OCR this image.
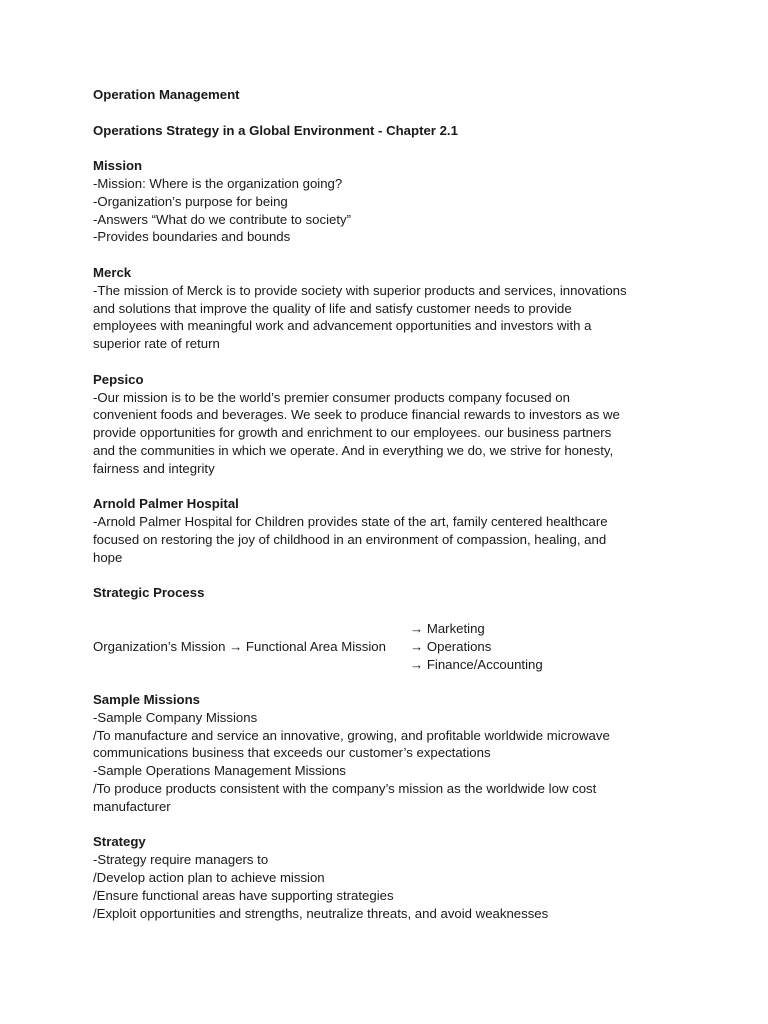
Operation Management
Operations Strategy in a Global Environment - Chapter 2.1
Mission
-Mission: Where is the organization going?
-Organization’s purpose for being
-Answers “What do we contribute to society”
-Provides boundaries and bounds
Merck
-The mission of Merck is to provide society with superior products and services, innovations
and solutions that improve the quality of life and satisfy customer needs to provide
employees with meaningful work and advancement opportunities and investors with a
superior rate of return
Pepsico
-Our mission is to be the world’s premier consumer products company focused on
convenient foods and beverages. We seek to produce financial rewards to investors as we
provide opportunities for growth and enrichment to our employees. our business partners
and the communities in which we operate. And in everything we do, we strive for honesty,
fairness and integrity
Arnold Palmer Hospital
-Arnold Palmer Hospital for Children provides state of the art, family centered healthcare
focused on restoring the joy of childhood in an environment of compassion, healing, and
hope
Strategic Process
→ Marketing
Organization’s Mission → Functional Area Mission	→ Operations
→ Finance/Accounting
Sample Missions
-Sample Company Missions
/To manufacture and service an innovative, growing, and profitable worldwide microwave
communications business that exceeds our customer’s expectations
-Sample Operations Management Missions
/To produce products consistent with the company’s mission as the worldwide low cost
manufacturer
Strategy
-Strategy require managers to
/Develop action plan to achieve mission
/Ensure functional areas have supporting strategies
/Exploit opportunities and strengths, neutralize threats, and avoid weaknesses
